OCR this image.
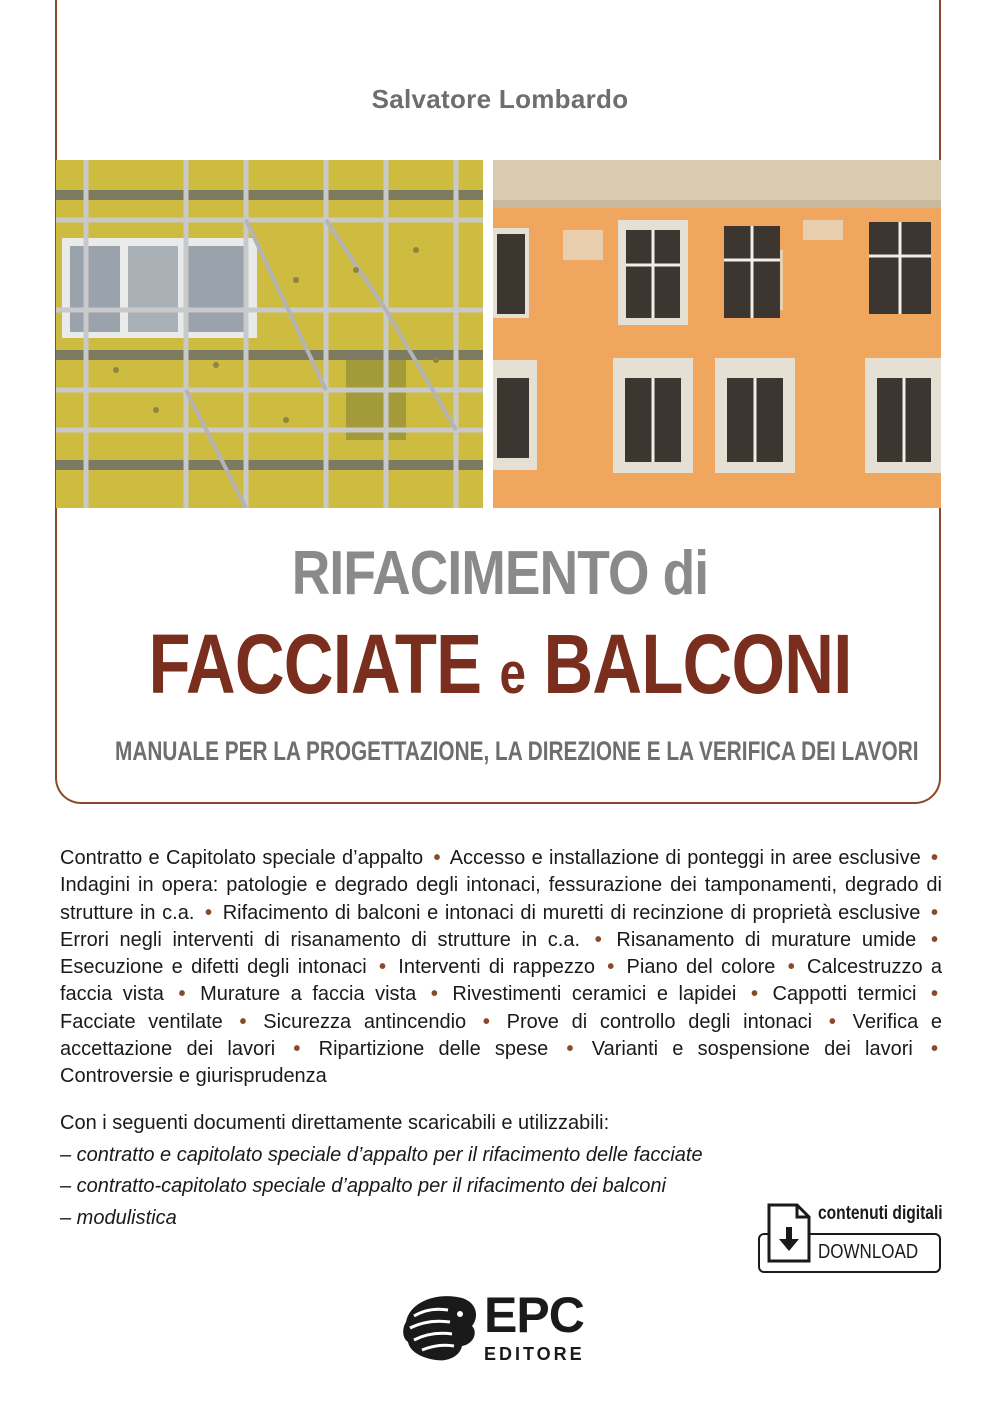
Salvatore Lombardo
RIFACIMENTO di
FACCIATE e BALCONI
MANUALE PER LA PROGETTAZIONE, LA DIREZIONE E LA VERIFICA DEI LAVORI
Contratto e Capitolato speciale d’appalto • Accesso e installazione di ponteggi in aree esclusive • Indagini in opera: patologie e degrado degli intonaci, fessurazione dei tamponamenti, degrado di strutture in c.a. • Rifacimento di balconi e intonaci di muretti di recinzione di proprietà esclusive • Errori negli interventi di risanamento di strutture in c.a. • Risanamento di murature umide • Esecuzione e difetti degli intonaci • Interventi di rappezzo • Piano del colore • Calcestruzzo a faccia vista • Murature a faccia vista • Rivestimenti ceramici e lapidei • Cappotti termici • Facciate ventilate • Sicurezza antincendio • Prove di controllo degli intonaci • Verifica e accettazione dei lavori • Ripartizione delle spese • Varianti e sospensione dei lavori • Controversie e giurisprudenza
Con i seguenti documenti direttamente scaricabili e utilizzabili:
– contratto e capitolato speciale d’appalto per il rifacimento delle facciate
– contratto-capitolato speciale d’appalto per il rifacimento dei balconi
– modulistica	contenuti digitali
DOWNLOAD
EPC
EDITORE
